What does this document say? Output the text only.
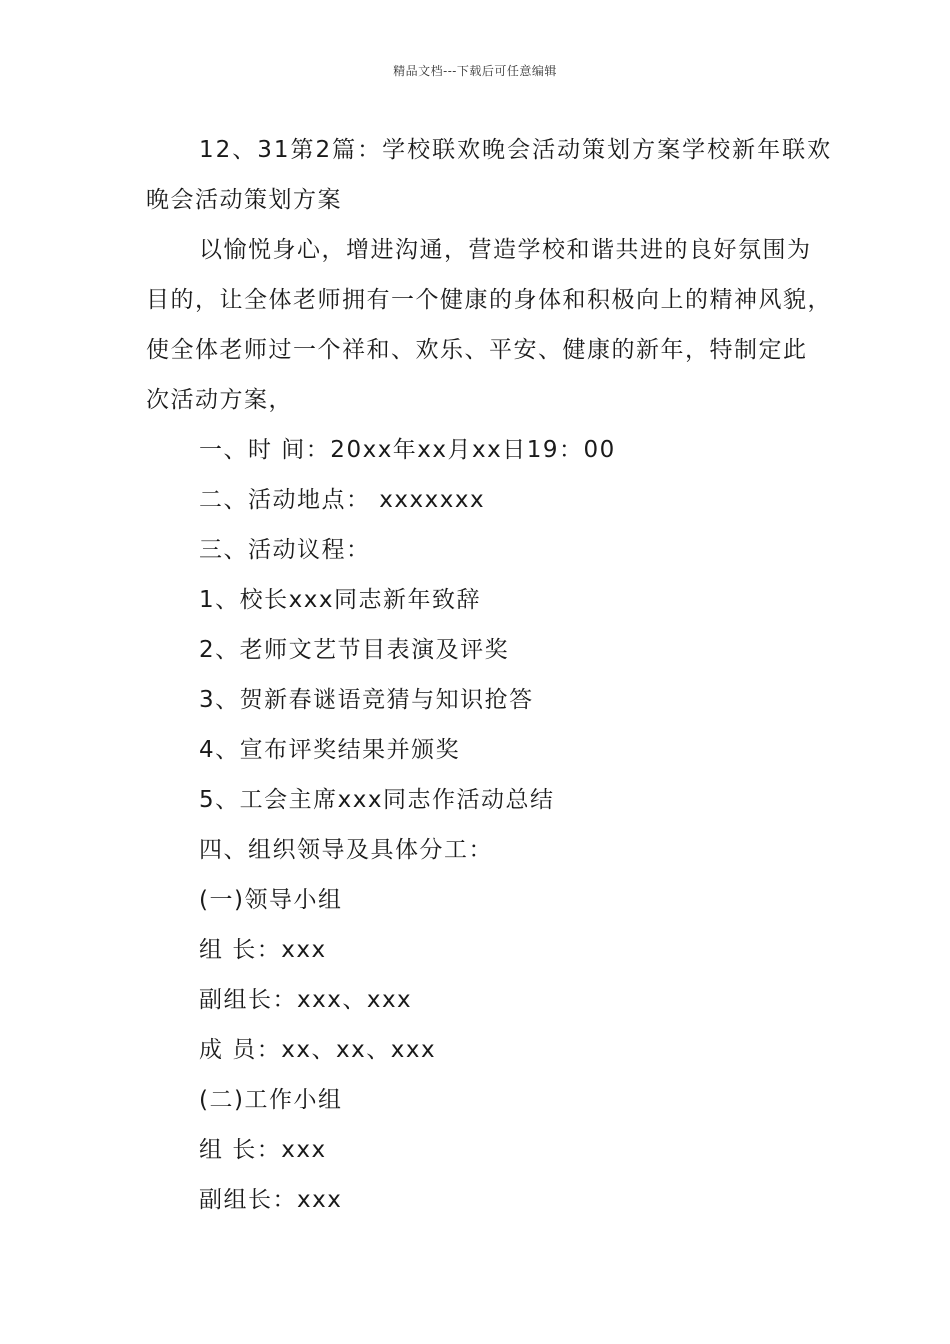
精品文档---下载后可任意编辑
12、31第2篇：学校联欢晚会活动策划方案学校新年联欢
晚会活动策划方案
以愉悦身心，增进沟通，营造学校和谐共进的良好氛围为
目的，让全体老师拥有一个健康的身体和积极向上的精神风貌，
使全体老师过一个祥和、欢乐、平安、健康的新年，特制定此
次活动方案，
一、时 间：20xx年xx月xx日19：00
二、活动地点： xxxxxxx
三、活动议程：
1、校长xxx同志新年致辞
2、老师文艺节目表演及评奖
3、贺新春谜语竞猜与知识抢答
4、宣布评奖结果并颁奖
5、工会主席xxx同志作活动总结
四、组织领导及具体分工：
(一)领导小组
组 长：xxx
副组长：xxx、xxx
成 员：xx、xx、xxx
(二)工作小组
组 长：xxx
副组长：xxx
